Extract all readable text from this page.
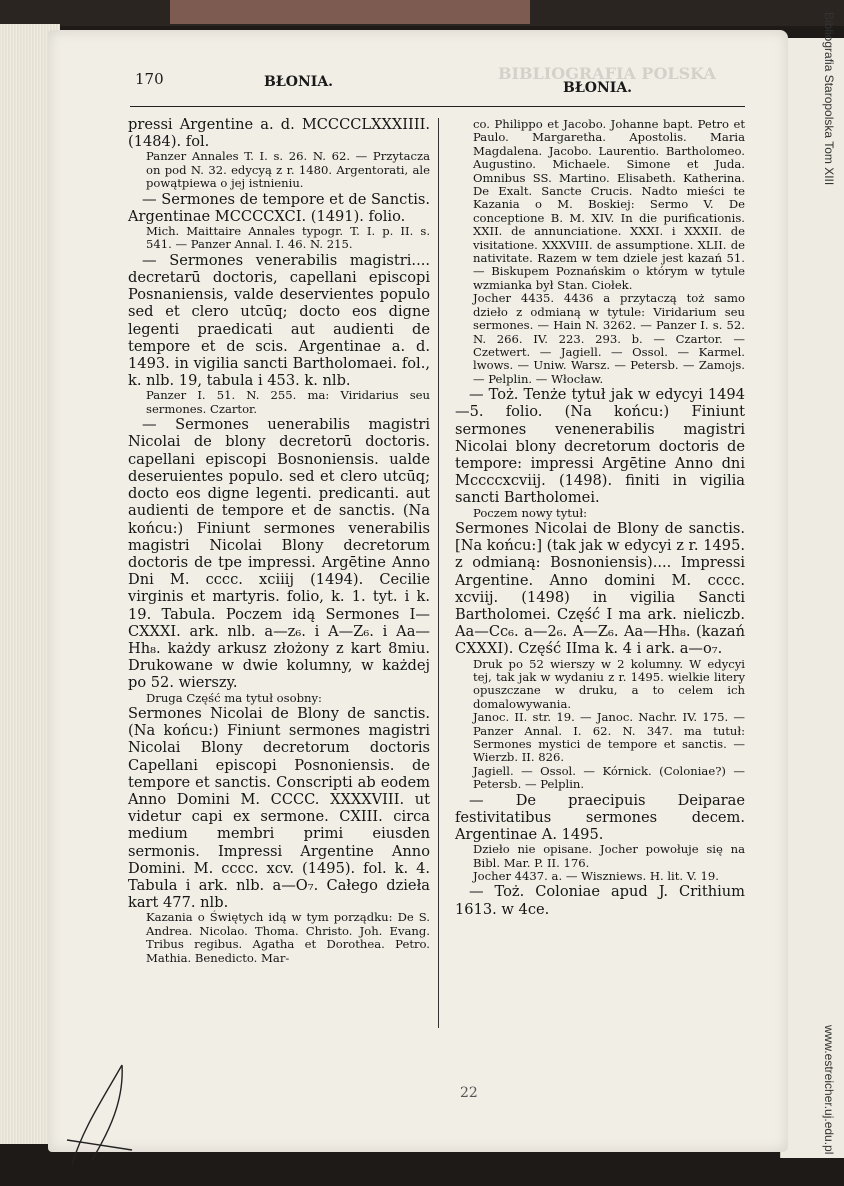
BIBLIOGRAFIA POLSKA
170	BŁONIA.	BŁONIA.

pressi Argentine a. d. MCCCCLXXXIIII. (1484). fol.

Panzer Annales T. I. s. 26. N. 62. — Przytacza on pod N. 32. edycyą z r. 1480. Argentorati, ale powątpiewa o jej istnieniu.

— Sermones de tempore et de Sanctis. Argentinae MCCCCXCI. (1491). folio.

Mich. Maittaire Annales typogr. T. I. p. II. s. 541. — Panzer Annal. I. 46. N. 215.

— Sermones venerabilis magistri.... decretarū doctoris, capellani episcopi Posnaniensis, valde deservientes populo sed et clero utcūq; docto eos digne legenti praedicati aut audienti de tempore et de scis. Argentinae a. d. 1493. in vigilia sancti Bartholomaei. fol., k. nlb. 19, tabula i 453. k. nlb.

Panzer I. 51. N. 255. ma: Viridarius seu sermones. Czartor.

— Sermones uenerabilis magistri Nicolai de blony decretorū doctoris. capellani episcopi Bosnoniensis. ualde deseruientes populo. sed et clero utcūq; docto eos digne legenti. predicanti. aut audienti de tempore et de sanctis. (Na końcu:) Finiunt sermones venerabilis magistri Nicolai Blony decretorum doctoris de tpe impressi. Argētine Anno Dni M. cccc. xciiij (1494). Cecilie virginis et martyris. folio, k. 1. tyt. i k. 19. Tabula. Poczem idą Sermones I—CXXXI. ark. nlb. a—z₆. i A—Z₆. i Aa—Hh₈. każdy arkusz złożony z kart 8miu. Drukowane w dwie kolumny, w każdej po 52. wierszy.

Druga Część ma tytuł osobny:

Sermones Nicolai de Blony de sanctis. (Na końcu:) Finiunt sermones magistri Nicolai Blony decretorum doctoris Capellani episcopi Posnoniensis. de tempore et sanctis. Conscripti ab eodem Anno Domini M. CCCC. XXXXVIII. ut videtur capi ex sermone. CXIII. circa medium membri primi eiusden sermonis. Impressi Argentine Anno Domini. M. cccc. xcv. (1495). fol. k. 4. Tabula i ark. nlb. a—O₇. Całego dzieła kart 477. nlb.

Kazania o Świętych idą w tym porządku: De S. Andrea. Nicolao. Thoma. Christo. Joh. Evang. Tribus regibus. Agatha et Dorothea. Petro. Mathia. Benedicto. Mar-

co. Philippo et Jacobo. Johanne bapt. Petro et Paulo. Margaretha. Apostolis. Maria Magdalena. Jacobo. Laurentio. Bartholomeo. Augustino. Michaele. Simone et Juda. Omnibus SS. Martino. Elisabeth. Katherina. De Exalt. Sancte Crucis. Nadto mieści te Kazania o M. Boskiej: Sermo V. De conceptione B. M. XIV. In die purificationis. XXII. de annunciatione. XXXI. i XXXII. de visitatione. XXXVIII. de assumptione. XLII. de nativitate. Razem w tem dziele jest kazań 51. — Biskupem Poznańskim o którym w tytule wzmianka był Stan. Ciołek.

Jocher 4435. 4436 a przytaczą toż samo dzieło z odmianą w tytule: Viridarium seu sermones. — Hain N. 3262. — Panzer I. s. 52. N. 266. IV. 223. 293. b. — Czartor. — Czetwert. — Jagiell. — Ossol. — Karmel. lwows. — Uniw. Warsz. — Petersb. — Zamojs. — Pelplin. — Włocław.

— Toż. Tenże tytuł jak w edycyi 1494—5. folio. (Na końcu:) Finiunt sermones venenerabilis magistri Nicolai blony decretorum doctoris de tempore: impressi Argētine Anno dni Mccccxcviij. (1498). finiti in vigilia sancti Bartholomei.

Poczem nowy tytuł:

Sermones Nicolai de Blony de sanctis. [Na końcu:] (tak jak w edycyi z r. 1495. z odmianą: Bosnoniensis).... Impressi Argentine. Anno domini M. cccc. xcviij. (1498) in vigilia Sancti Bartholomei. Część I ma ark. nieliczb. Aa—Cc₆. a—2₆. A—Z₆. Aa—Hh₈. (kazań CXXXI). Część IIma k. 4 i ark. a—o₇.

Druk po 52 wierszy w 2 kolumny. W edycyi tej, tak jak w wydaniu z r. 1495. wielkie litery opuszczane w druku, a to celem ich domalowywania.

Janoc. II. str. 19. — Janoc. Nachr. IV. 175. — Panzer Annal. I. 62. N. 347. ma tutuł: Sermones mystici de tempore et sanctis. — Wierzb. II. 826.

Jagiell. — Ossol. — Kórnick. (Coloniae?) — Petersb. — Pelplin.

— De praecipuis Deiparae festivitatibus sermones decem. Argentinae A. 1495.

Dzieło nie opisane. Jocher powołuje się na Bibl. Mar. P. II. 176.

Jocher 4437. a. — Wiszniews. H. lit. V. 19.

— Toż. Coloniae apud J. Crithium 1613. w 4ce.

22
Bibliografia Staropolska Tom XIII
www.estreicher.uj.edu.pl
